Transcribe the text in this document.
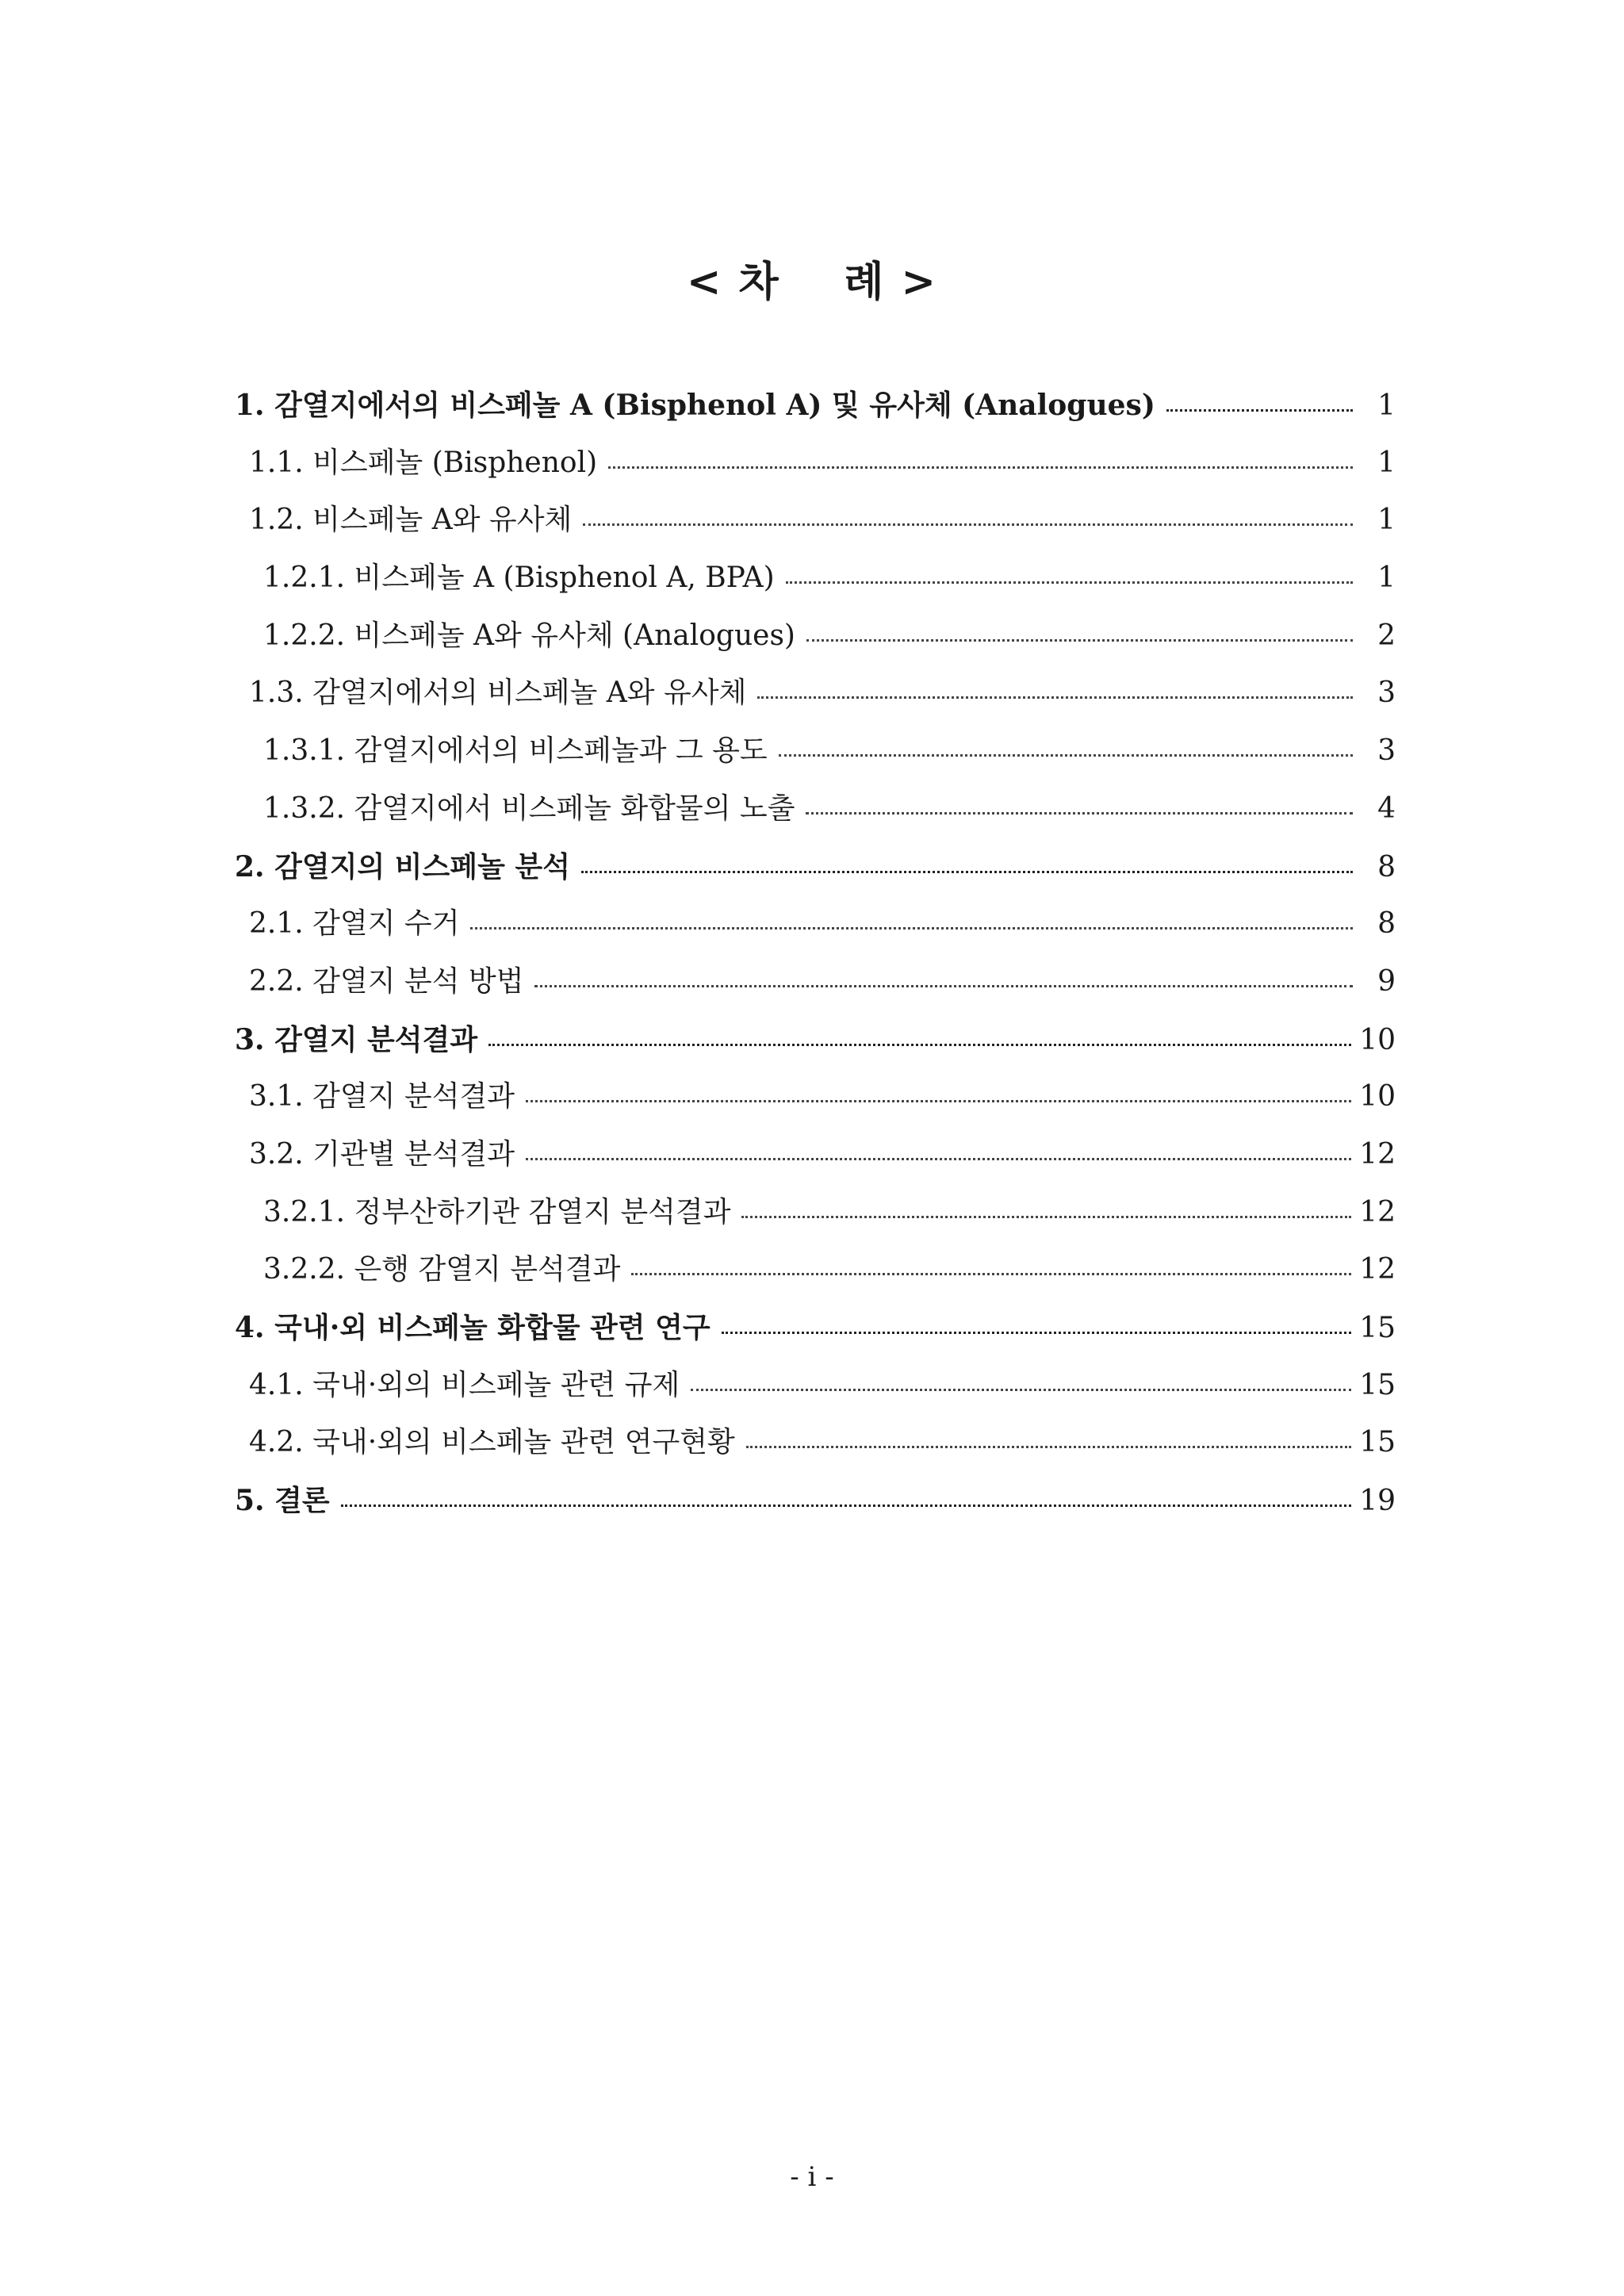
< 차    례 >
1.
감열지에서의 비스페놀 A (Bisphenol A) 및 유사체 (Analogues)	1
1.1.
비스페놀 (Bisphenol)	1
1.2.
비스페놀 A와 유사체	1
1.2.1.
비스페놀 A (Bisphenol A, BPA)	1
1.2.2.
비스페놀 A와 유사체 (Analogues)	2
1.3.
감열지에서의 비스페놀 A와 유사체	3
1.3.1.
감열지에서의 비스페놀과 그 용도	3
1.3.2.
감열지에서 비스페놀 화합물의 노출	4
2.
감열지의 비스페놀 분석	8
2.1.
감열지 수거	8
2.2.
감열지 분석 방법	9
3.
감열지 분석결과	10
3.1.
감열지 분석결과	10
3.2.
기관별 분석결과	12
3.2.1.
정부산하기관 감열지 분석결과	12
3.2.2.
은행 감열지 분석결과	12
4.
국내·외 비스페놀 화합물 관련 연구	15
4.1.
국내·외의 비스페놀 관련 규제	15
4.2.
국내·외의 비스페놀 관련 연구현황	15
5.
결론	19
- i -
